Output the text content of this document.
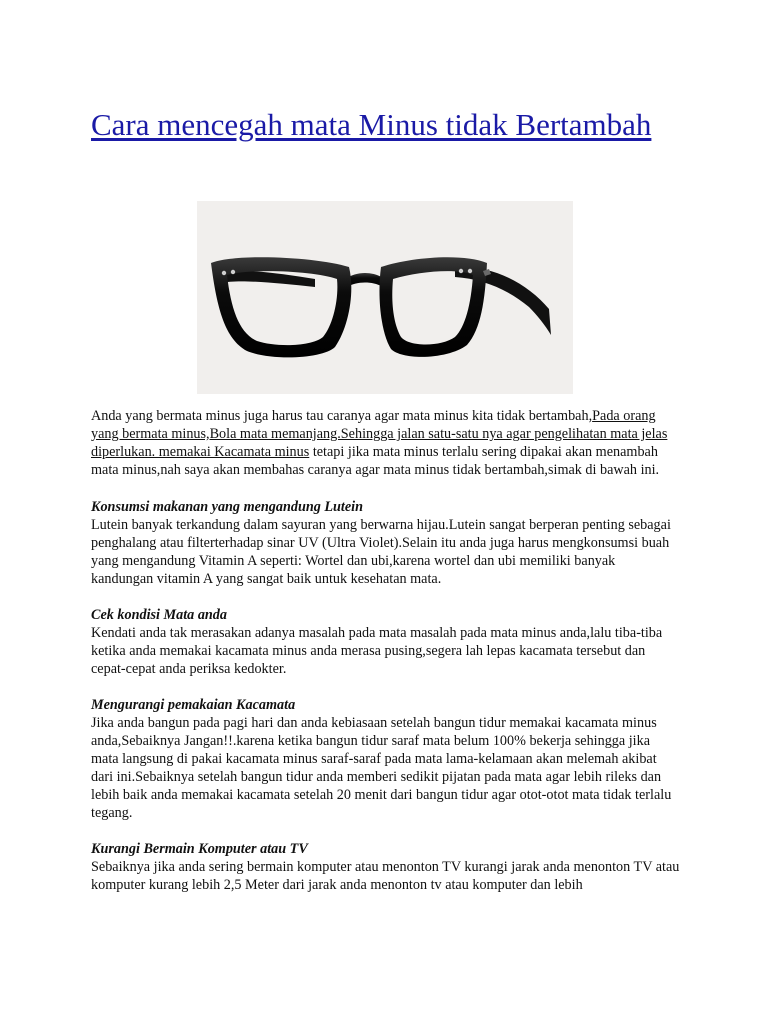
Cara mencegah mata Minus tidak Bertambah

Anda yang bermata minus juga harus tau caranya agar mata minus kita tidak bertambah,Pada orang yang bermata minus,Bola mata memanjang.Sehingga jalan satu-satu nya agar pengelihatan mata jelas diperlukan. memakai Kacamata minus tetapi jika mata minus terlalu sering dipakai akan menambah mata minus,nah saya akan membahas caranya agar mata minus tidak bertambah,simak di bawah ini.

Konsumsi makanan yang mengandung Lutein

Lutein banyak terkandung dalam sayuran yang berwarna hijau.Lutein sangat berperan penting sebagai penghalang atau filterterhadap sinar UV (Ultra Violet).Selain itu anda juga harus mengkonsumsi buah yang mengandung Vitamin A seperti: Wortel dan ubi,karena wortel dan ubi memiliki banyak kandungan vitamin A yang sangat baik untuk kesehatan mata.

Cek kondisi Mata anda

Kendati anda tak merasakan adanya masalah pada mata masalah pada mata minus anda,lalu tiba-tiba ketika anda memakai kacamata minus anda merasa pusing,segera lah lepas kacamata tersebut dan cepat-cepat anda periksa kedokter.

Mengurangi pemakaian Kacamata

Jika anda bangun pada pagi hari dan anda kebiasaan setelah bangun tidur memakai kacamata minus anda,Sebaiknya Jangan!!.karena ketika bangun tidur saraf mata belum 100% bekerja sehingga jika mata langsung di pakai kacamata minus saraf-saraf pada mata lama-kelamaan akan melemah akibat dari ini.Sebaiknya setelah bangun tidur anda memberi sedikit pijatan pada mata agar lebih rileks dan lebih baik anda memakai kacamata setelah 20 menit dari bangun tidur agar otot-otot mata tidak terlalu tegang.

Kurangi Bermain Komputer atau TV

Sebaiknya jika anda sering bermain komputer atau menonton TV kurangi jarak anda menonton TV atau komputer kurang lebih 2,5 Meter dari jarak anda menonton tv atau komputer dan lebih
